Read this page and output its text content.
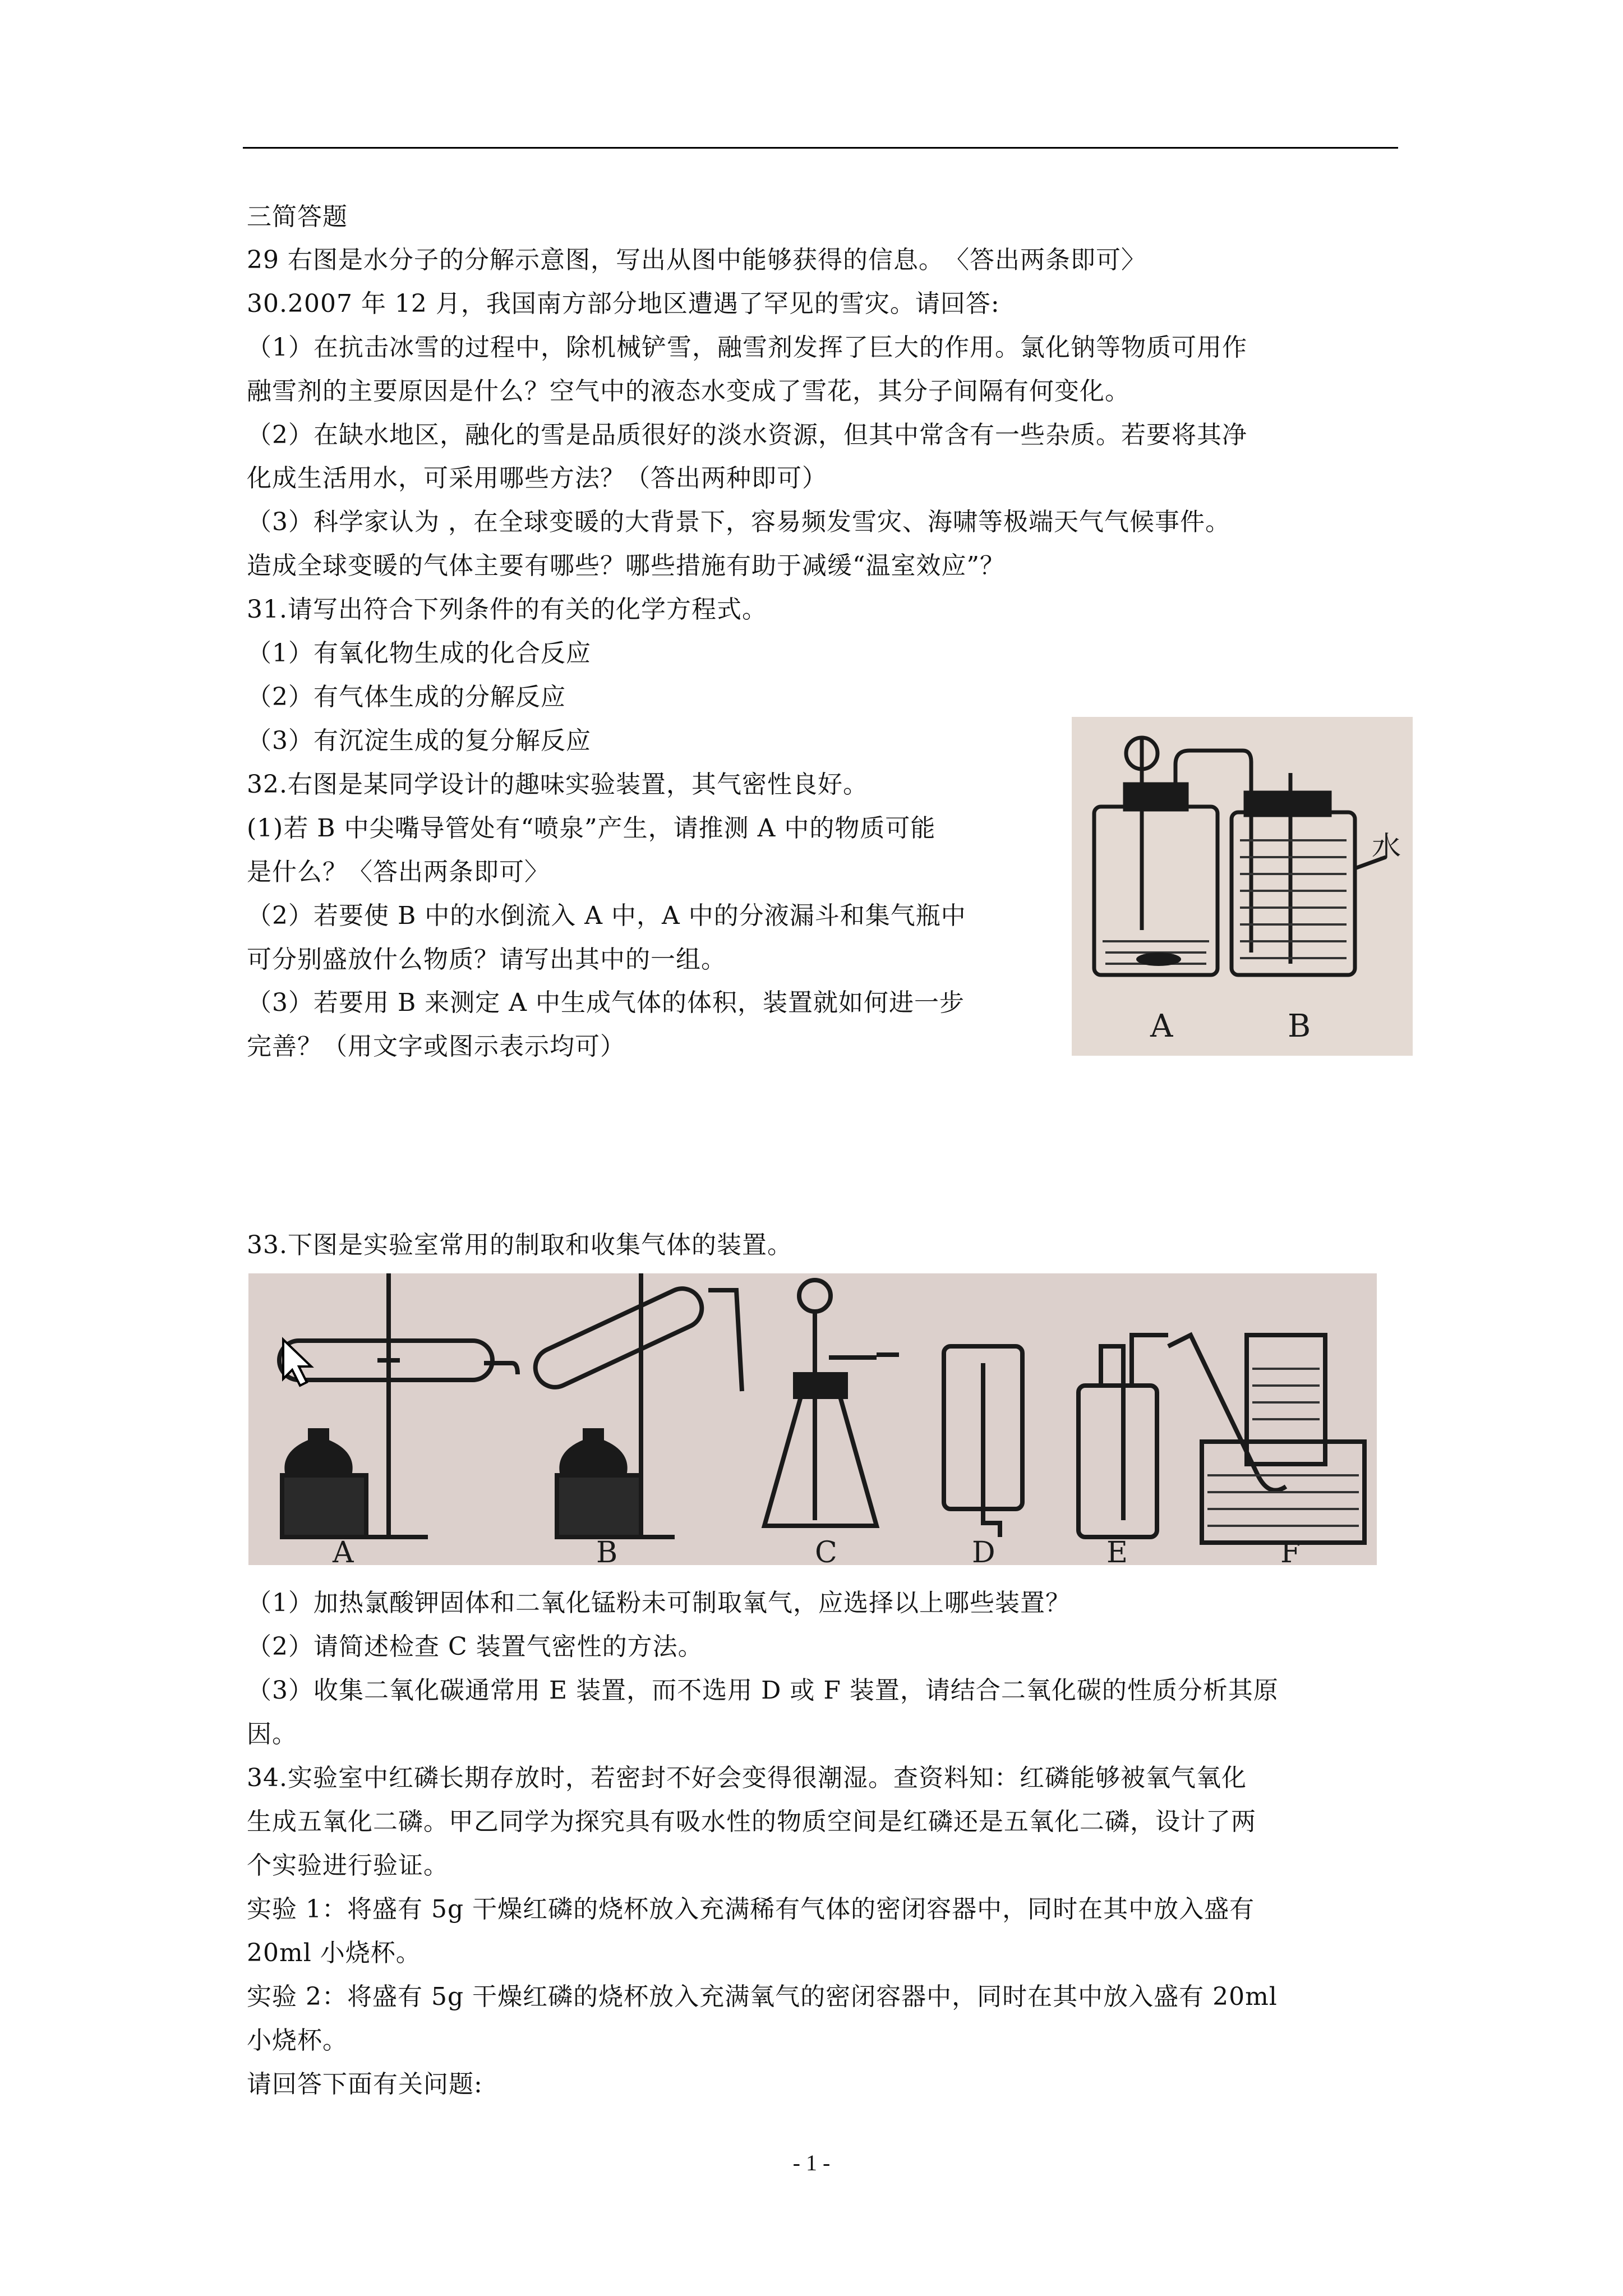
三简答题
29 右图是水分子的分解示意图，写出从图中能够获得的信息。　〈答出两条即可〉
30.2007 年 12 月，我国南方部分地区遭遇了罕见的雪灾。请回答:
（1）在抗击冰雪的过程中，除机械铲雪，融雪剂发挥了巨大的作用。氯化钠等物质可用作
融雪剂的主要原因是什么？空气中的液态水变成了雪花，其分子间隔有何变化。
（2）在缺水地区，融化的雪是品质很好的淡水资源，但其中常含有一些杂质。若要将其净
化成生活用水，可采用哪些方法？（答出两种即可）
（3）科学家认为 ，在全球变暖的大背景下，容易频发雪灾、海啸等极端天气气候事件。
造成全球变暖的气体主要有哪些？哪些措施有助于减缓“温室效应”？
31.请写出符合下列条件的有关的化学方程式。
（1）有氧化物生成的化合反应
（2）有气体生成的分解反应
（3）有沉淀生成的复分解反应
32.右图是某同学设计的趣味实验装置，其气密性良好。
(1)若 B 中尖嘴导管处有“喷泉”产生，请推测 A 中的物质可能
是什么？〈答出两条即可〉
（2）若要使 B 中的水倒流入 A 中，A 中的分液漏斗和集气瓶中
可分别盛放什么物质？请写出其中的一组。
（3）若要用 B 来测定 A 中生成气体的体积，装置就如何进一步
完善？（用文字或图示表示均可）
A	B
水
33.下图是实验室常用的制取和收集气体的装置。
A	B	C	D	E	F
（1）加热氯酸钾固体和二氧化锰粉未可制取氧气，应选择以上哪些装置？
（2）请简述检查 C 装置气密性的方法。
（3）收集二氧化碳通常用 E 装置，而不选用 D 或 F 装置，请结合二氧化碳的性质分析其原
因。
34.实验室中红磷长期存放时，若密封不好会变得很潮湿。查资料知：红磷能够被氧气氧化
生成五氧化二磷。甲乙同学为探究具有吸水性的物质空间是红磷还是五氧化二磷，设计了两
个实验进行验证。
实验 1：将盛有 5g 干燥红磷的烧杯放入充满稀有气体的密闭容器中，同时在其中放入盛有
20ml 小烧杯。
实验 2：将盛有 5g 干燥红磷的烧杯放入充满氧气的密闭容器中，同时在其中放入盛有 20ml
小烧杯。
请回答下面有关问题:
- 1 -
